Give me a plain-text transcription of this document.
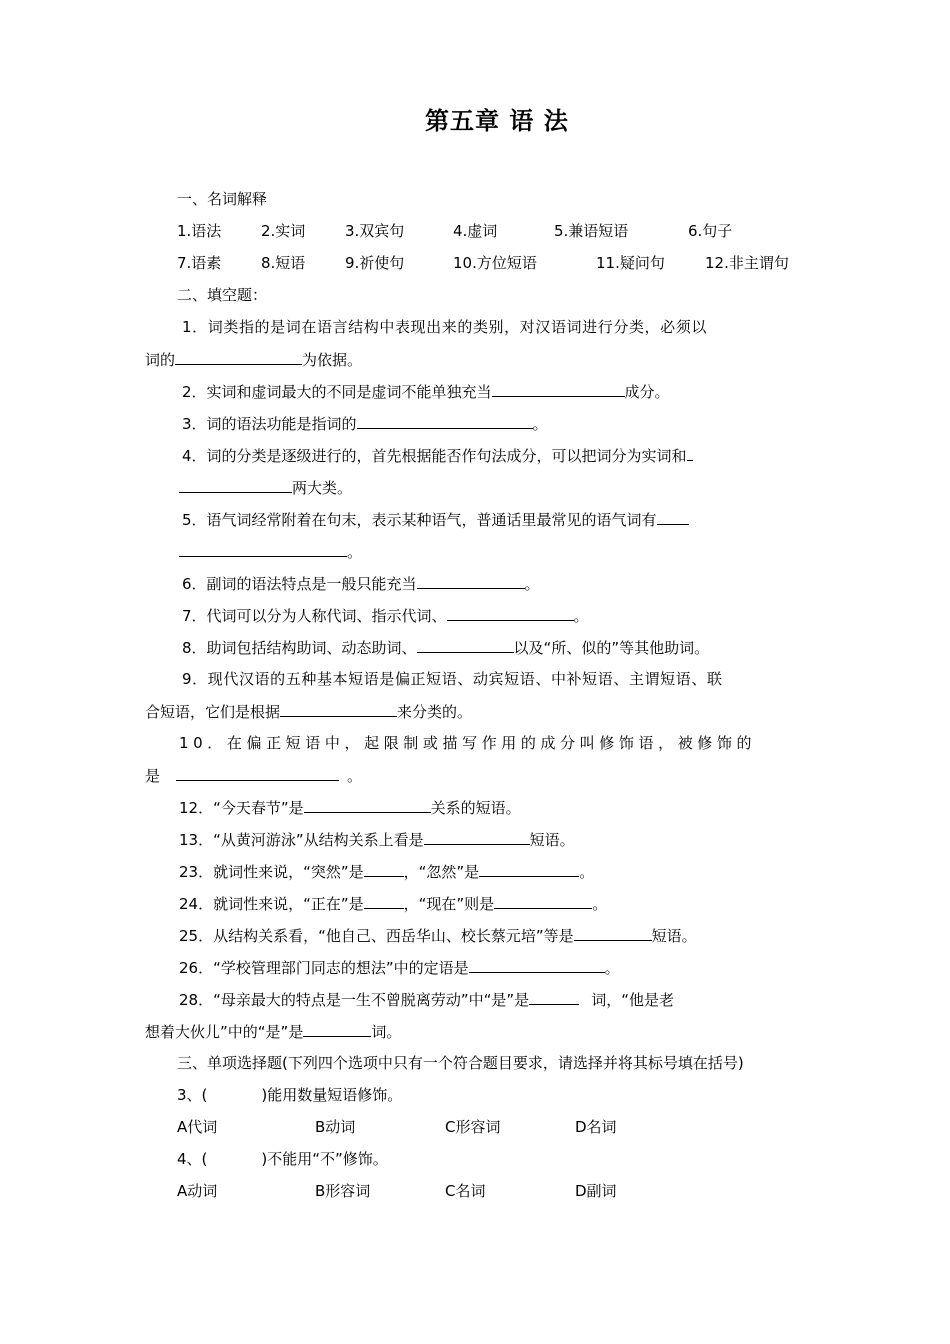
第五章 语 法
一、名词解释
1.语法	2.实词	3.双宾句	4.虚词	5.兼语短语	6.句子
7.语素	8.短语	9.祈使句	10.方位短语	11.疑问句	12.非主谓句
二、填空题：
1．词类指的是词在语言结构中表现出来的类别，对汉语词进行分类，必须以
词的	为依据。
2．实词和虚词最大的不同是虚词不能单独充当	成分。
3．词的语法功能是指词的	。
4．词的分类是逐级进行的，首先根据能否作句法成分，可以把词分为实词和
两大类。
5．语气词经常附着在句末，表示某种语气，普通话里最常见的语气词有
。
6．副词的语法特点是一般只能充当	。
7．代词可以分为人称代词、指示代词、	。
8．助词包括结构助词、动态助词、	以及“所、似的”等其他助词。
9．现代汉语的五种基本短语是偏正短语、动宾短语、中补短语、主谓短语、联
合短语，它们是根据	来分类的。
10．在偏正短语中，起限制或描写作用的成分叫修饰语，被修饰的
是	。
12．“今天春节”是	关系的短语。
13．“从黄河游泳”从结构关系上看是	短语。
23．就词性来说，“突然”是	，“忽然”是	。
24．就词性来说，“正在”是	，“现在”则是	。
25．从结构关系看，“他自己、西岳华山、校长蔡元培”等是	短语。
26．“学校管理部门同志的想法”中的定语是	。
28．“母亲最大的特点是一生不曾脱离劳动”中“是”是	词，“他是老
想着大伙儿”中的“是”是	词。
三、单项选择题(下列四个选项中只有一个符合题目要求，请选择并将其标号填在括号)
3、(	)能用数量短语修饰。
A代词	B动词	C形容词	D名词
4、(	)不能用“不”修饰。
A动词	B形容词	C名词	D副词
